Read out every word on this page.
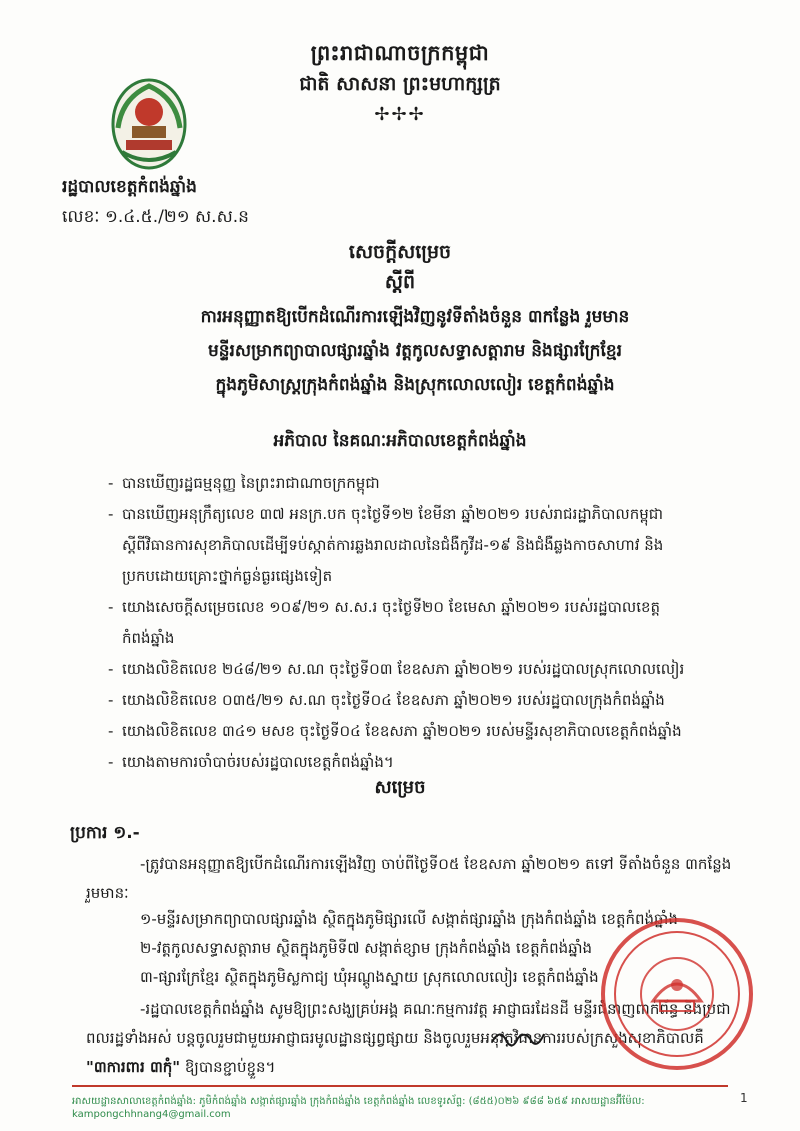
ព្រះរាជាណាចក្រកម្ពុជា
ជាតិ សាសនា ព្រះមហាក្សត្រ
✢✢✢
រដ្ឋបាលខេត្តកំពង់ឆ្នាំង
លេខៈ ១.៤.៥./២១ ស.ស.ន
សេចក្តីសម្រេច
ស្តីពី
ការអនុញ្ញាតឱ្យបើកដំណើរការឡើងវិញនូវទីតាំងចំនួន ៣កន្លែង រួមមាន
មន្ទីរសម្រាកព្យាបាលផ្សារឆ្នាំង វត្តកូលសទ្ធាសត្តារាម និងផ្សារក្រែខ្មែរ
ក្នុងភូមិសាស្ត្រក្រុងកំពង់ឆ្នាំង និងស្រុកលោលលៀរ ខេត្តកំពង់ឆ្នាំង
អភិបាល នៃគណៈអភិបាលខេត្តកំពង់ឆ្នាំង
- បានឃើញរដ្ឋធម្មនុញ្ញ នៃព្រះរាជាណាចក្រកម្ពុជា
- បានឃើញអនុក្រឹត្យលេខ ៣៧ អនក្រ.បក ចុះថ្ងៃទី១២ ខែមីនា ឆ្នាំ២០២១ របស់រាជរដ្ឋាភិបាលកម្ពុជា
ស្តីពីវិធានការសុខាភិបាលដើម្បីទប់ស្កាត់ការឆ្លងរាលដាលនៃជំងឺកូវីដ-១៩ និងជំងឺឆ្លងកាចសាហាវ និង
ប្រកបដោយគ្រោះថ្នាក់ធ្ងន់ធ្ងរផ្សេងទៀត
- យោងសេចក្តីសម្រេចលេខ ១០៩/២១ ស.ស.រ ចុះថ្ងៃទី២០ ខែមេសា ឆ្នាំ២០២១ របស់រដ្ឋបាលខេត្ត
កំពង់ឆ្នាំង
- យោងលិខិតលេខ ២៤៨/២១ ស.ណ ចុះថ្ងៃទី០៣ ខែឧសភា ឆ្នាំ២០២១ របស់រដ្ឋបាលស្រុកលោលលៀរ
- យោងលិខិតលេខ ០៣៥/២១ ស.ណ ចុះថ្ងៃទី០៤ ខែឧសភា ឆ្នាំ២០២១ របស់រដ្ឋបាលក្រុងកំពង់ឆ្នាំង
- យោងលិខិតលេខ ៣៤១ មសខ ចុះថ្ងៃទី០៤ ខែឧសភា ឆ្នាំ២០២១ របស់មន្ទីរសុខាភិបាលខេត្តកំពង់ឆ្នាំង
- យោងតាមការចាំបាច់របស់រដ្ឋបាលខេត្តកំពង់ឆ្នាំង។
សម្រេច
ប្រការ ១.-
-ត្រូវបានអនុញ្ញាតឱ្យបើកដំណើរការឡើងវិញ ចាប់ពីថ្ងៃទី០៥ ខែឧសភា ឆ្នាំ២០២១ តទៅ ទីតាំងចំនួន ៣កន្លែង រួមមានៈ
១-មន្ទីរសម្រាកព្យាបាលផ្សារឆ្នាំង ស្ថិតក្នុងភូមិផ្សារលើ សង្កាត់ផ្សារឆ្នាំង ក្រុងកំពង់ឆ្នាំង ខេត្តកំពង់ឆ្នាំង
២-វត្តកូលសទ្ធាសត្តារាម ស្ថិតក្នុងភូមិទី៧ សង្កាត់ខ្សាម ក្រុងកំពង់ឆ្នាំង ខេត្តកំពង់ឆ្នាំង
៣-ផ្សារក្រែខ្មែរ ស្ថិតក្នុងភូមិស្លកាជ្យ ឃុំអណ្តូងស្នាយ ស្រុកលោលលៀរ ខេត្តកំពង់ឆ្នាំង
-រដ្ឋបាលខេត្តកំពង់ឆ្នាំង សូមឱ្យព្រះសង្ឃគ្រប់អង្គ គណៈកម្មការវត្ត អាជ្ញាធរដែនដី មន្ទីរជំនាញពាក់ព័ន្ធ និងប្រជាពលរដ្ឋទាំងអស់ បន្តចូលរួមជាមួយអាជ្ញាធរមូលដ្ឋានផ្សព្វផ្សាយ និងចូលរួមអនុវត្តវិធានការរបស់ក្រសួងសុខាភិបាលគឺ "៣ការពារ ៣កុំ" ឱ្យបានខ្ជាប់ខ្ជួន។
អាសយដ្ឋានសាលាខេត្តកំពង់ឆ្នាំង: ភូមិកំពង់ឆ្នាំង សង្កាត់ផ្សារឆ្នាំង ក្រុងកំពង់ឆ្នាំង ខេត្តកំពង់ឆ្នាំង លេខទូរស័ព្ទ: (៨៥៥)០២៦ ៩៨៨ ៦៥៩ អាសយដ្ឋានអ៊ីម៉ែល: kampongchhnang4@gmail.com
1
